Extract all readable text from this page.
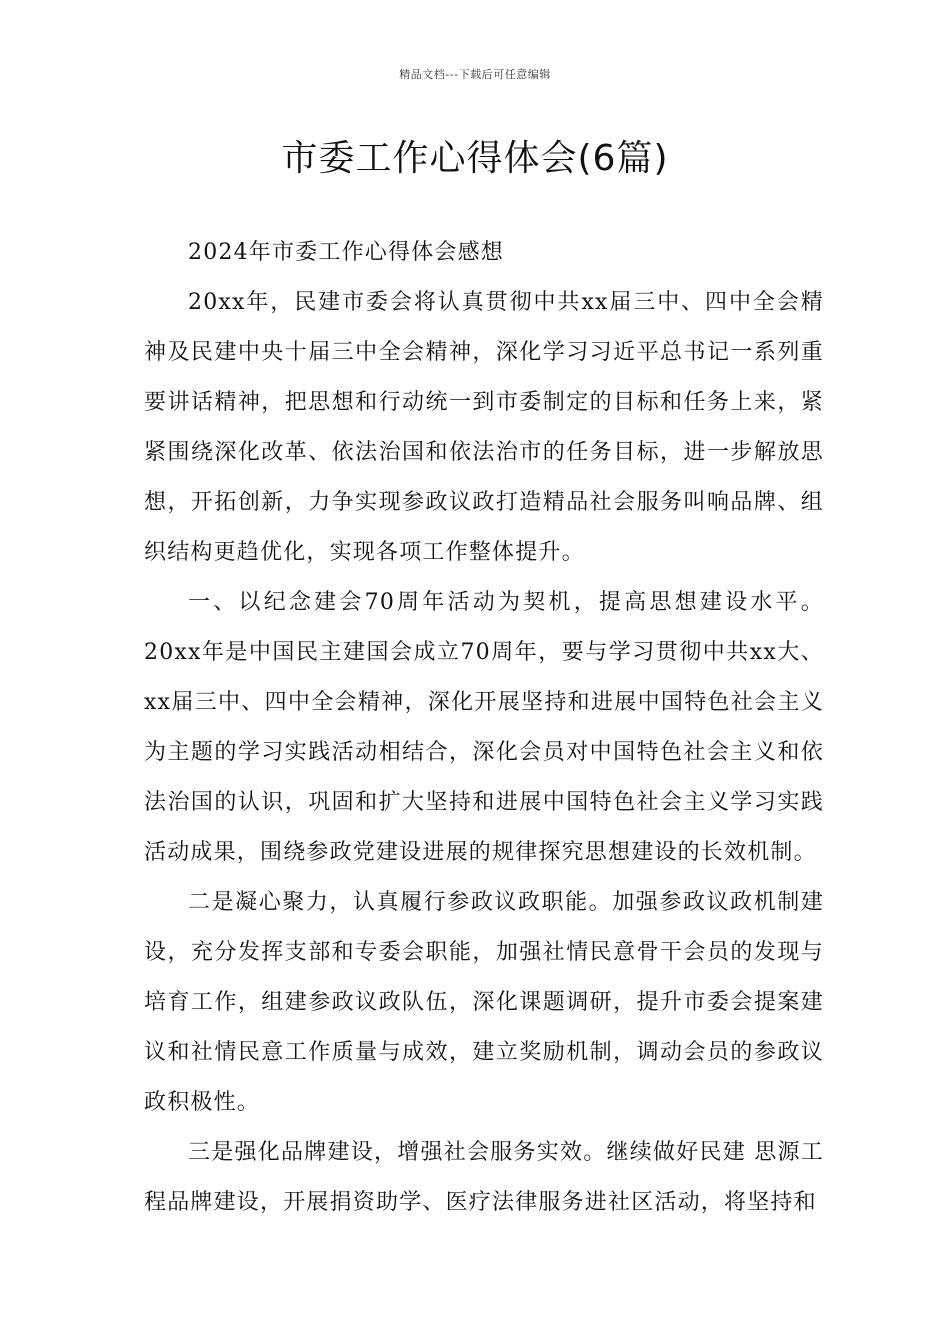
精品文档---下载后可任意编辑
市委工作心得体会(6篇)

2024年市委工作心得体会感想

20xx年，民建市委会将认真贯彻中共xx届三中、四中全会精神及民建中央十届三中全会精神，深化学习习近平总书记一系列重要讲话精神，把思想和行动统一到市委制定的目标和任务上来，紧紧围绕深化改革、依法治国和依法治市的任务目标，进一步解放思想，开拓创新，力争实现参政议政打造精品社会服务叫响品牌、组织结构更趋优化，实现各项工作整体提升。

一、以纪念建会70周年活动为契机，提高思想建设水平。20xx年是中国民主建国会成立70周年，要与学习贯彻中共xx大、xx届三中、四中全会精神，深化开展坚持和进展中国特色社会主义为主题的学习实践活动相结合，深化会员对中国特色社会主义和依法治国的认识，巩固和扩大坚持和进展中国特色社会主义学习实践活动成果，围绕参政党建设进展的规律探究思想建设的长效机制。

二是凝心聚力，认真履行参政议政职能。加强参政议政机制建设，充分发挥支部和专委会职能，加强社情民意骨干会员的发现与培育工作，组建参政议政队伍，深化课题调研，提升市委会提案建议和社情民意工作质量与成效，建立奖励机制，调动会员的参政议政积极性。

三是强化品牌建设，增强社会服务实效。继续做好民建 思源工程品牌建设，开展捐资助学、医疗法律服务进社区活动，将坚持和
